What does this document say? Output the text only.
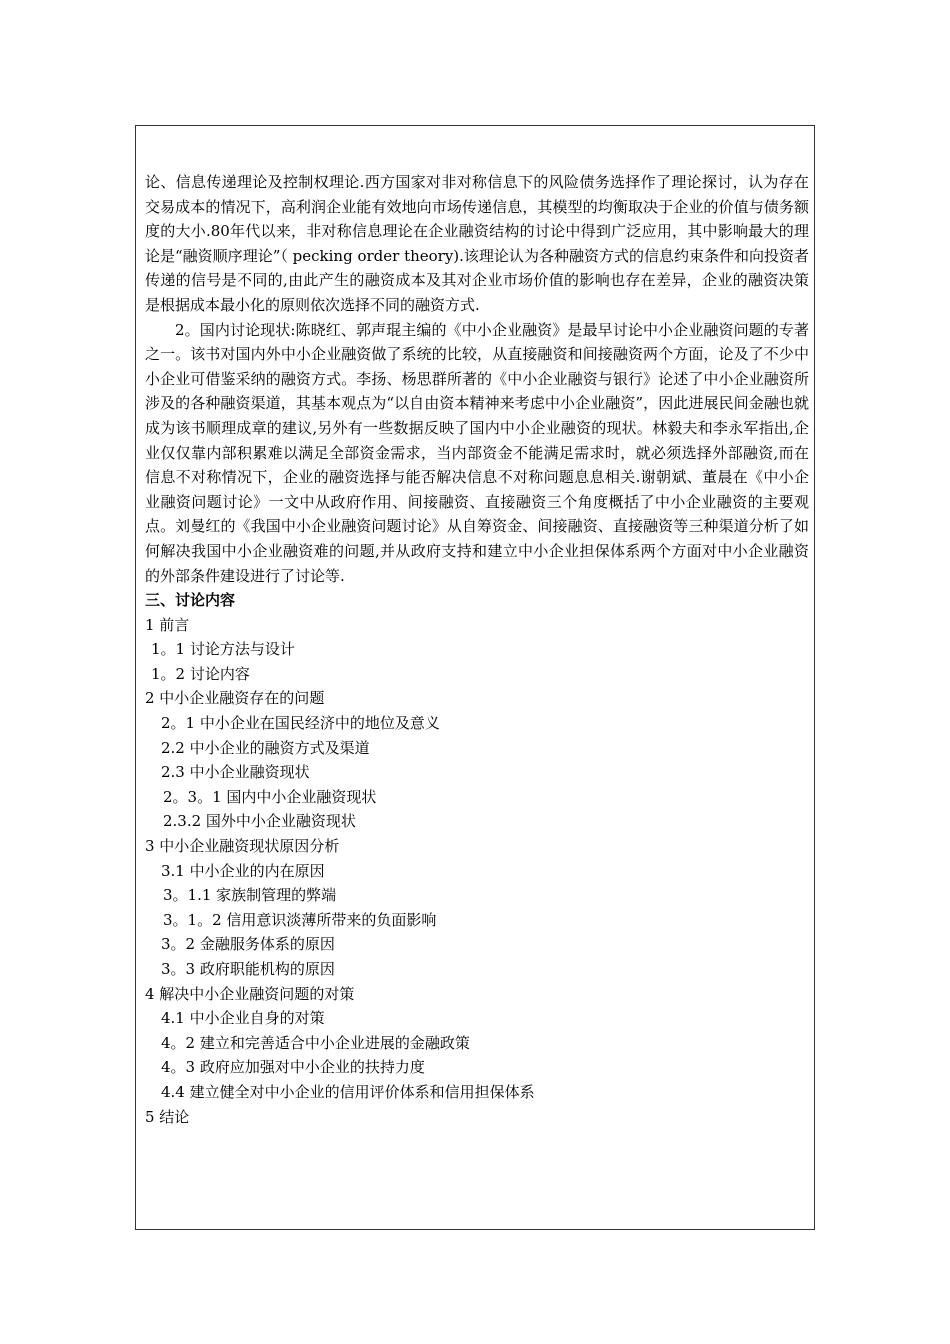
论、信息传递理论及控制权理论.西方国家对非对称信息下的风险债务选择作了理论探讨，认为存在交易成本的情况下，高利润企业能有效地向市场传递信息，其模型的均衡取决于企业的价值与债务额度的大小.80年代以来，非对称信息理论在企业融资结构的讨论中得到广泛应用，其中影响最大的理论是“融资顺序理论”（ pecking order theory).该理论认为各种融资方式的信息约束条件和向投资者传递的信号是不同的,由此产生的融资成本及其对企业市场价值的影响也存在差异，企业的融资决策是根据成本最小化的原则依次选择不同的融资方式.

2。国内讨论现状:陈晓红、郭声琨主编的《中小企业融资》是最早讨论中小企业融资问题的专著之一。该书对国内外中小企业融资做了系统的比较，从直接融资和间接融资两个方面，论及了不少中小企业可借鉴采纳的融资方式。李扬、杨思群所著的《中小企业融资与银行》论述了中小企业融资所涉及的各种融资渠道，其基本观点为“以自由资本精神来考虑中小企业融资”，因此进展民间金融也就成为该书顺理成章的建议,另外有一些数据反映了国内中小企业融资的现状。林毅夫和李永军指出,企业仅仅靠内部积累难以满足全部资金需求，当内部资金不能满足需求时，就必须选择外部融资,而在信息不对称情况下，企业的融资选择与能否解决信息不对称问题息息相关.谢朝斌、董晨在《中小企业融资问题讨论》一文中从政府作用、间接融资、直接融资三个角度概括了中小企业融资的主要观点。刘曼红的《我国中小企业融资问题讨论》从自筹资金、间接融资、直接融资等三种渠道分析了如何解决我国中小企业融资难的问题,并从政府支持和建立中小企业担保体系两个方面对中小企业融资的外部条件建设进行了讨论等.

三、讨论内容

1 前言

1。1 讨论方法与设计

1。2 讨论内容

2 中小企业融资存在的问题

2。1 中小企业在国民经济中的地位及意义

2.2 中小企业的融资方式及渠道

2.3 中小企业融资现状

2。3。1 国内中小企业融资现状

2.3.2 国外中小企业融资现状

3 中小企业融资现状原因分析

3.1 中小企业的内在原因

3。1.1 家族制管理的弊端

3。1。2 信用意识淡薄所带来的负面影响

3。2 金融服务体系的原因

3。3 政府职能机构的原因

4 解决中小企业融资问题的对策

4.1 中小企业自身的对策

4。2 建立和完善适合中小企业进展的金融政策

4。3 政府应加强对中小企业的扶持力度

4.4 建立健全对中小企业的信用评价体系和信用担保体系

5 结论
